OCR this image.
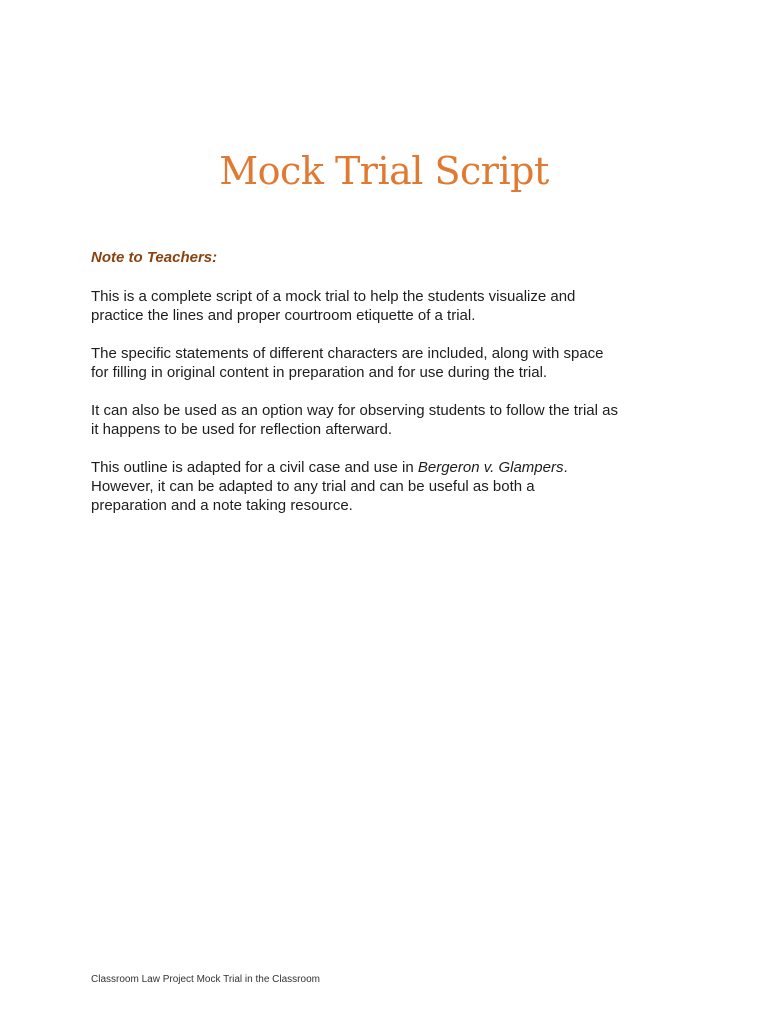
Mock Trial Script
Note to Teachers:

This is a complete script of a mock trial to help the students visualize and
practice the lines and proper courtroom etiquette of a trial.

The specific statements of different characters are included, along with space
for filling in original content in preparation and for use during the trial.

It can also be used as an option way for observing students to follow the trial as
it happens to be used for reflection afterward.

This outline is adapted for a civil case and use in Bergeron v. Glampers.
However, it can be adapted to any trial and can be useful as both a
preparation and a note taking resource.

Classroom Law Project Mock Trial in the Classroom
